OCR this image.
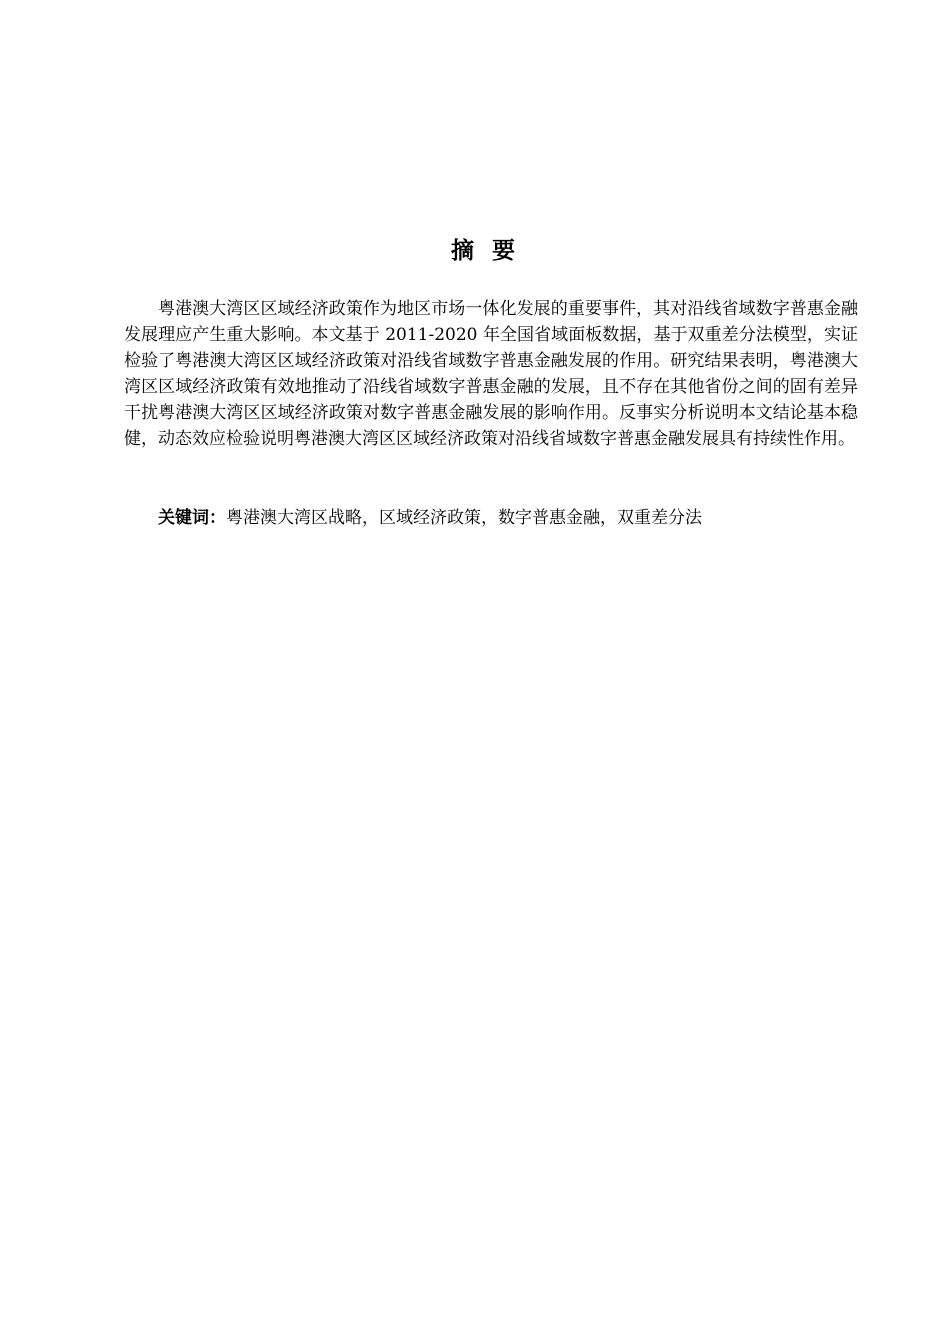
摘要

粤港澳大湾区区域经济政策作为地区市场一体化发展的重要事件，其对沿线省域数字普惠金融发展理应产生重大影响。本文基于 2011-2020 年全国省域面板数据，基于双重差分法模型，实证检验了粤港澳大湾区区域经济政策对沿线省域数字普惠金融发展的作用。研究结果表明，粤港澳大湾区区域经济政策有效地推动了沿线省域数字普惠金融的发展，且不存在其他省份之间的固有差异干扰粤港澳大湾区区域经济政策对数字普惠金融发展的影响作用。反事实分析说明本文结论基本稳健，动态效应检验说明粤港澳大湾区区域经济政策对沿线省域数字普惠金融发展具有持续性作用。

关键词：粤港澳大湾区战略，区域经济政策，数字普惠金融，双重差分法
